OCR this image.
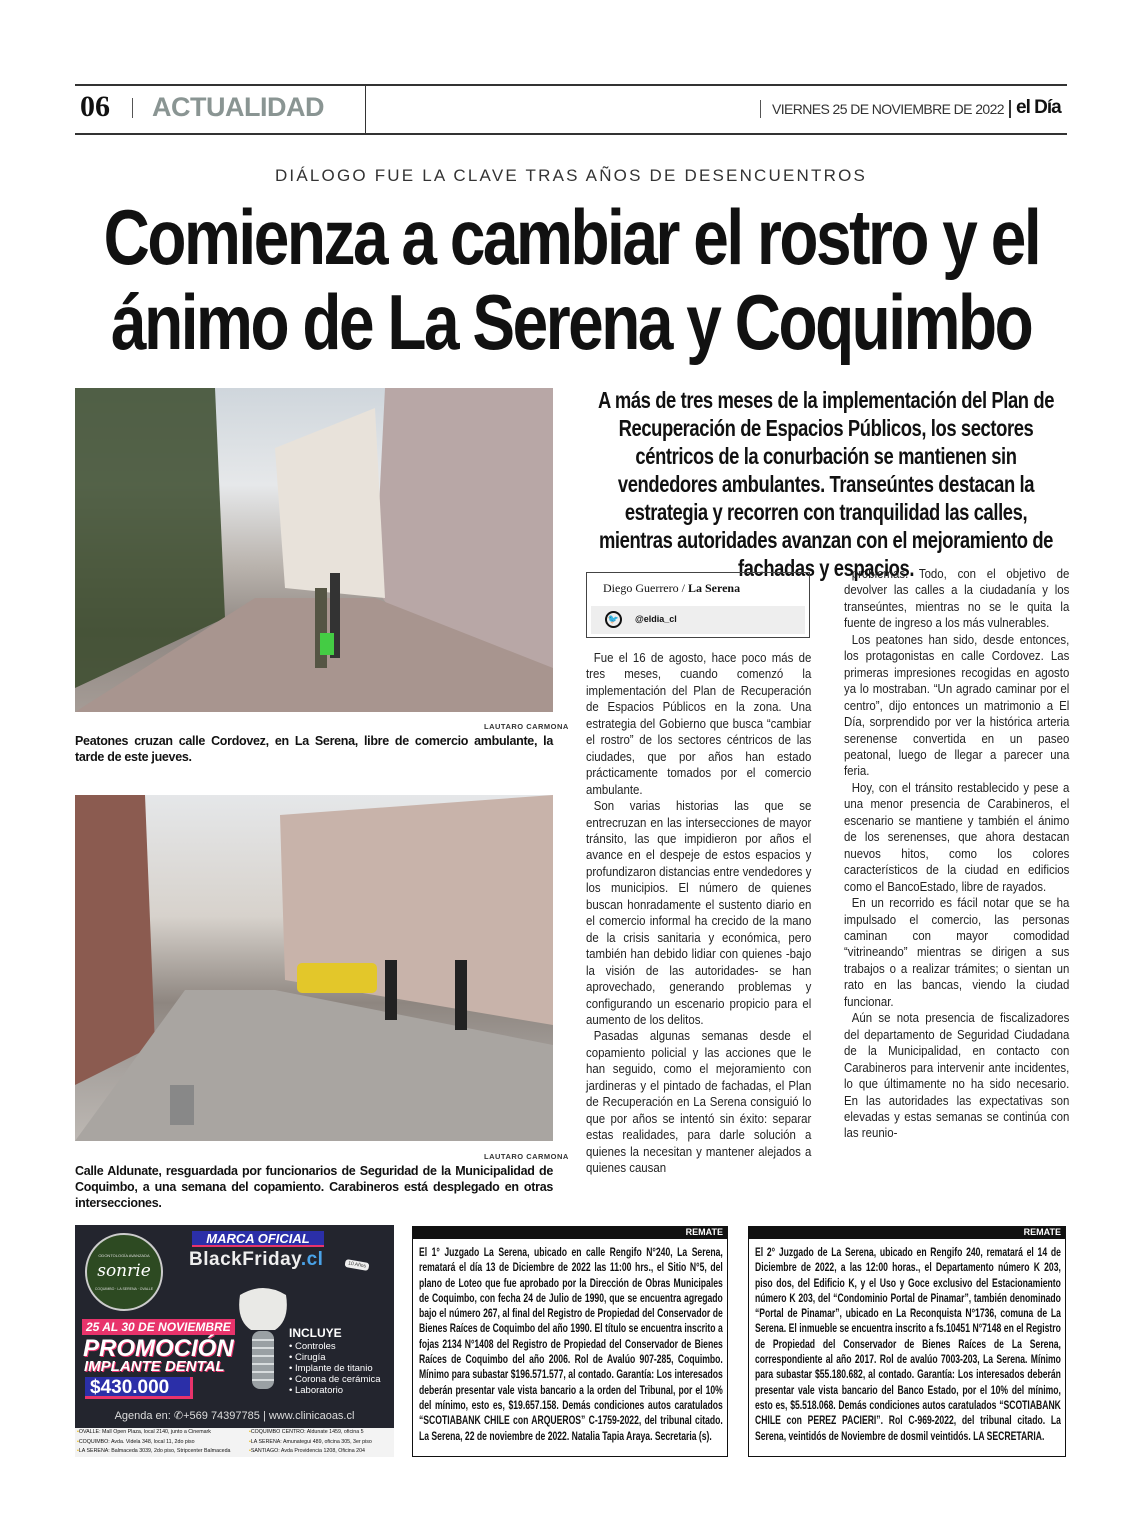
06 ACTUALIDAD	VIERNES 25 DE NOVIEMBRE DE 2022 el Día
DIÁLOGO FUE LA CLAVE TRAS AÑOS DE DESENCUENTROS
Comienza a cambiar el rostro y el
ánimo de La Serena y Coquimbo
LAUTARO CARMONA
Peatones cruzan calle Cordovez, en La Serena, libre de comercio ambulante, la tarde de este jueves.
LAUTARO CARMONA
Calle Aldunate, resguardada por funcionarios de Seguridad de la Municipalidad de Coquimbo, a una semana del copamiento. Carabineros está desplegado en otras intersecciones.

A más de tres meses de la implementación del Plan de Recuperación de Espacios Públicos, los sectores céntricos de la conurbación se mantienen sin vendedores ambulantes. Transeúntes destacan la estrategia y recorren con tranquilidad las calles, mientras autoridades avanzan con el mejoramiento de fachadas y espacios.

Diego Guerrero / La Serena
🐦	@eldia_cl

Fue el 16 de agosto, hace poco más de tres meses, cuando comenzó la implementación del Plan de Recuperación de Espacios Públicos en la zona. Una estrategia del Gobierno que busca “cambiar el rostro” de los sectores céntricos de las ciudades, que por años han estado prácticamente tomados por el comercio ambulante.

Son varias historias las que se entrecruzan en las intersecciones de mayor tránsito, las que impidieron por años el avance en el despeje de estos espacios y profundizaron distancias entre vendedores y los municipios. El número de quienes buscan honradamente el sustento diario en el comercio informal ha crecido de la mano de la crisis sanitaria y económica, pero también han debido lidiar con quienes -bajo la visión de las autoridades- se han aprovechado, generando problemas y configurando un escenario propicio para el aumento de los delitos.

Pasadas algunas semanas desde el copamiento policial y las acciones que le han seguido, como el mejoramiento con jardineras y el pintado de fachadas, el Plan de Recuperación en La Serena consiguió lo que por años se intentó sin éxito: separar estas realidades, para darle solución a quienes la necesitan y mantener alejados a quienes causan

problemas. Todo, con el objetivo de devolver las calles a la ciudadanía y los transeúntes, mientras no se le quita la fuente de ingreso a los más vulnerables.

Los peatones han sido, desde entonces, los protagonistas en calle Cordovez. Las primeras impresiones recogidas en agosto ya lo mostraban. “Un agrado caminar por el centro”, dijo entonces un matrimonio a El Día, sorprendido por ver la histórica arteria serenense convertida en un paseo peatonal, luego de llegar a parecer una feria.

Hoy, con el tránsito restablecido y pese a una menor presencia de Carabineros, el escenario se mantiene y también el ánimo de los serenenses, que ahora destacan nuevos hitos, como los colores característicos de la ciudad en edificios como el BancoEstado, libre de rayados.

En un recorrido es fácil notar que se ha impulsado el comercio, las personas caminan con mayor comodidad “vitrineando” mientras se dirigen a sus trabajos o a realizar trámites; o sientan un rato en las bancas, viendo la ciudad funcionar.

Aún se nota presencia de fiscalizadores del departamento de Seguridad Ciudadana de la Municipalidad, en contacto con Carabineros para intervenir ante incidentes, lo que últimamente no ha sido necesario. En las autoridades las expectativas son elevadas y estas semanas se continúa con las reunio-

ODONTOLOGÍA AVANZADA
sonrie
COQUIMBO · LA SERENA · OVALLE
MARCA OFICIAL
BlackFriday.cl	10 Años
25 AL 30 DE NOVIEMBRE
PROMOCIÓN
IMPLANTE DENTAL
$430.000
INCLUYE
• Controles
• Cirugía
• Implante de titanio
• Corona de cerámica
• Laboratorio
Agenda en: ✆+569 74397785 | www.clinicaoas.cl
•OVALLE: Mall Open Plaza, local 2140, junto a Cinemark	•COQUIMBO CENTRO: Aldunate 1459, oficina 5•COQUIMBO: Avda. Videla 348, local 11, 2do piso	•LA SERENA: Amunategui 489, oficina 305, 3er piso•LA SERENA: Balmaceda 3039, 2do piso, Stripcenter Balmaceda	•SANTIAGO: Avda Providencia 1208, Oficina 204
REMATE
El 1° Juzgado La Serena, ubicado en calle Rengifo N°240, La Serena, rematará el día 13 de Diciembre de 2022 las 11:00 hrs., el Sitio N°5, del plano de Loteo que fue aprobado por la Dirección de Obras Municipales de Coquimbo, con fecha 24 de Julio de 1990, que se encuentra agregado bajo el número 267, al final del Registro de Propiedad del Conservador de Bienes Raíces de Coquimbo del año 1990. El título se encuentra inscrito a fojas 2134 N°1408 del Registro de Propiedad del Conservador de Bienes Raíces de Coquimbo del año 2006. Rol de Avalúo 907-285, Coquimbo. Mínimo para subastar $196.571.577, al contado. Garantía: Los interesados deberán presentar vale vista bancario a la orden del Tribunal, por el 10% del mínimo, esto es, $19.657.158. Demás condiciones autos caratulados “SCOTIABANK CHILE con ARQUEROS” C-1759-2022, del tribunal citado. La Serena, 22 de noviembre de 2022. Natalia Tapia Araya. Secretaria (s).
REMATE
El 2° Juzgado de La Serena, ubicado en Rengifo 240, rematará el 14 de Diciembre de 2022, a las 12:00 horas., el Departamento número K 203, piso dos, del Edificio K, y el Uso y Goce exclusivo del Estacionamiento número K 203, del “Condominio Portal de Pinamar”, también denominado “Portal de Pinamar”, ubicado en La Reconquista N°1736, comuna de La Serena. El inmueble se encuentra inscrito a fs.10451 N°7148 en el Registro de Propiedad del Conservador de Bienes Raíces de La Serena, correspondiente al año 2017. Rol de avalúo 7003-203, La Serena. Mínimo para subastar $55.180.682, al contado. Garantía: Los interesados deberán presentar vale vista bancario del Banco Estado, por el 10% del mínimo, esto es, $5.518.068. Demás condiciones autos caratulados “SCOTIABANK CHILE con PEREZ PACIERI”. Rol C-969-2022, del tribunal citado. La Serena, veintidós de Noviembre de dosmil veintidós. LA SECRETARIA.
